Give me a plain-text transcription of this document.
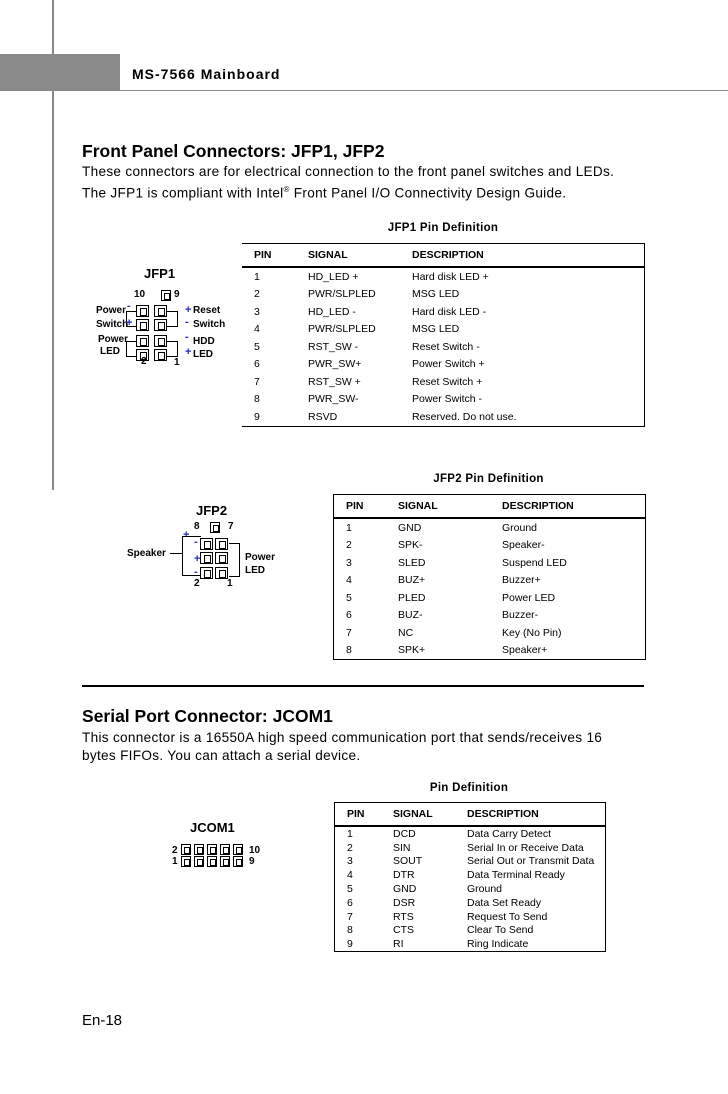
MS-7566 Mainboard
Front Panel Connectors: JFP1, JFP2
These connectors are for electrical connection to the front panel switches and LEDs.
The JFP1 is compliant with Intel® Front Panel I/O Connectivity Design Guide.
JFP1 Pin Definition
PIN	SIGNAL	DESCRIPTION
1	HD_LED +	Hard disk LED +
2	PWR/SLPLED	MSG LED
3	HD_LED -	Hard disk LED -
4	PWR/SLPLED	MSG LED
5	RST_SW -	Reset Switch -
6	PWR_SW+	Power Switch +
7	RST_SW +	Reset Switch +
8	PWR_SW-	Power Switch -
9	RSVD	Reserved. Do not use.
JFP1
10	9
Power
Switch
-
+
Power
LED
2	1
+ Reset
- Switch
- HDD
+ LED
JFP2 Pin Definition
PIN	SIGNAL	DESCRIPTION
1	GND	Ground
2	SPK-	Speaker-
3	SLED	Suspend LED
4	BUZ+	Buzzer+
5	PLED	Power LED
6	BUZ-	Buzzer-
7	NC	Key (No Pin)
8	SPK+	Speaker+
JFP2
8	7
+
-
+
-
Speaker	Power
LED
2	1
Serial Port Connector: JCOM1
This connector is a 16550A high speed communication port that sends/receives 16
bytes FIFOs. You can attach a serial device.
Pin Definition
PIN	SIGNAL	DESCRIPTION
1	DCD	Data Carry Detect
2	SIN	Serial In or Receive Data
3	SOUT	Serial Out or Transmit Data
4	DTR	Data Terminal Ready
5	GND	Ground
6	DSR	Data Set Ready
7	RTS	Request To Send
8	CTS	Clear To Send
9	RI	Ring Indicate
JCOM1
2
1
10
9
En-18
